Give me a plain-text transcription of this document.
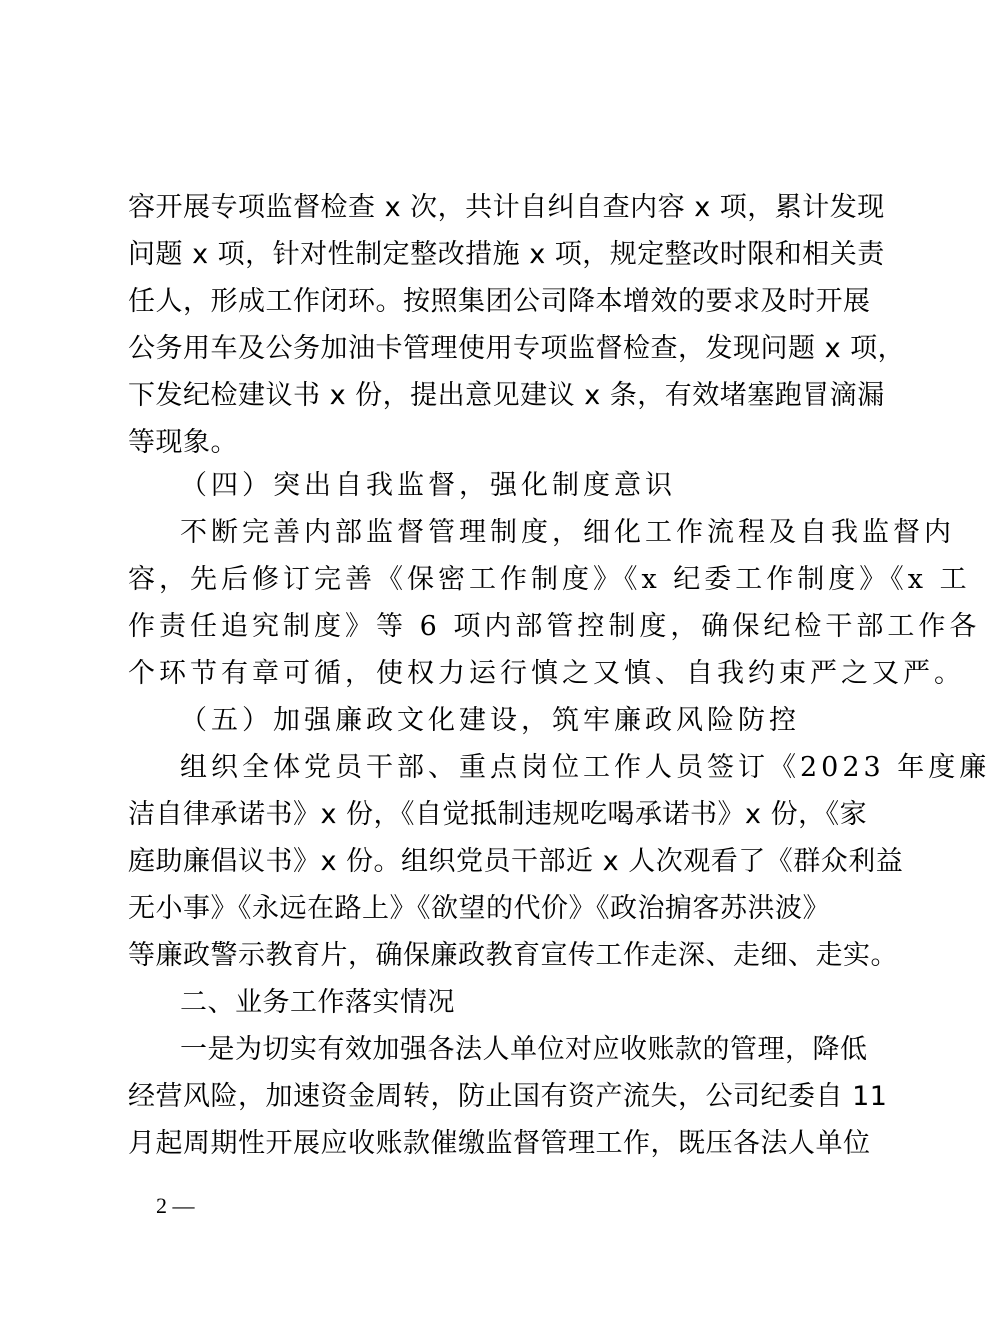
容开展专项监督检查 x 次，共计自纠自查内容 x 项，累计发现
问题 x 项，针对性制定整改措施 x 项，规定整改时限和相关责
任人，形成工作闭环。按照集团公司降本增效的要求及时开展
公务用车及公务加油卡管理使用专项监督检查，发现问题 x 项，
下发纪检建议书 x 份，提出意见建议 x 条，有效堵塞跑冒滴漏
等现象。
（四）突出自我监督，强化制度意识
不断完善内部监督管理制度，细化工作流程及自我监督内
容，先后修订完善《保密工作制度》《x 纪委工作制度》《x 工
作责任追究制度》等 6 项内部管控制度，确保纪检干部工作各
个环节有章可循，使权力运行慎之又慎、自我约束严之又严。
（五）加强廉政文化建设，筑牢廉政风险防控
组织全体党员干部、重点岗位工作人员签订《2023 年度廉
洁自律承诺书》x 份，《自觉抵制违规吃喝承诺书》x 份，《家
庭助廉倡议书》x 份。组织党员干部近 x 人次观看了《群众利益
无小事》《永远在路上》《欲望的代价》《政治掮客苏洪波》
等廉政警示教育片，确保廉政教育宣传工作走深、走细、走实。
二、业务工作落实情况
一是为切实有效加强各法人单位对应收账款的管理，降低
经营风险，加速资金周转，防止国有资产流失，公司纪委自 11
月起周期性开展应收账款催缴监督管理工作，既压各法人单位
2 —
